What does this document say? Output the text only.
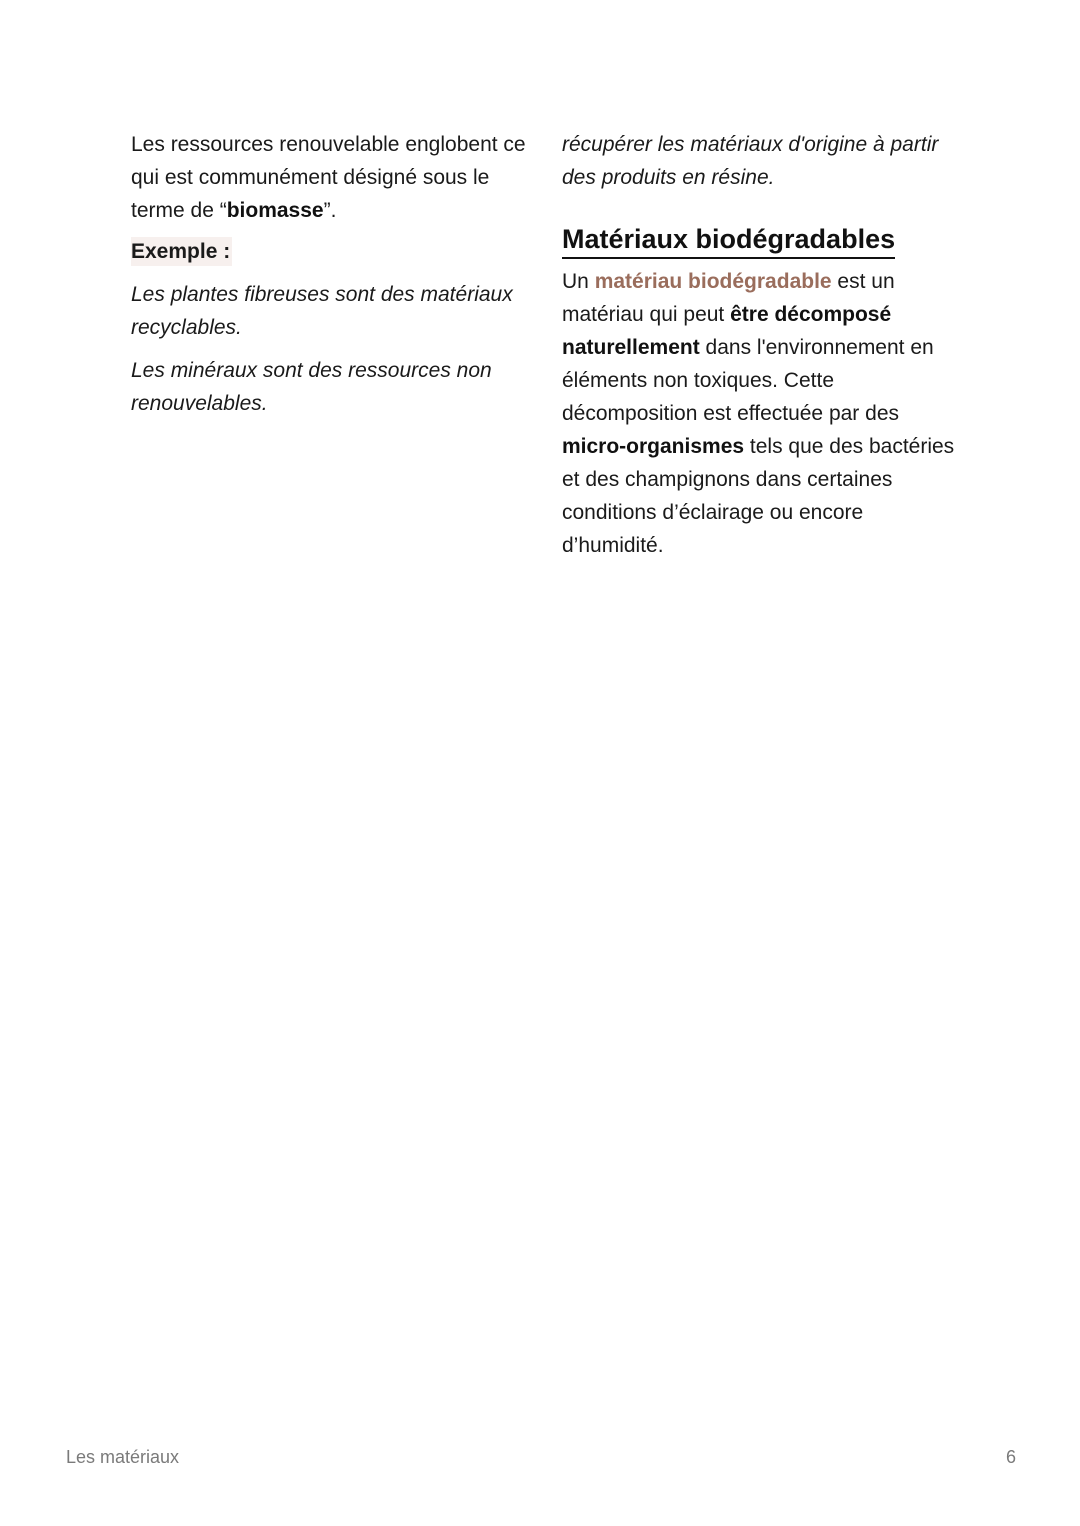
Les ressources renouvelable englobent ce qui est communément désigné sous le terme de “biomasse”.

Exemple :

Les plantes fibreuses sont des matériaux recyclables.

Les minéraux sont des ressources non renouvelables.

récupérer les matériaux d'origine à partir des produits en résine.

Matériaux biodégradables

Un matériau biodégradable est un matériau qui peut être décomposé naturellement dans l'environnement en éléments non toxiques. Cette décomposition est effectuée par des micro-organismes tels que des bactéries et des champignons dans certaines conditions d’éclairage ou encore d’humidité.

Les matériaux	6
